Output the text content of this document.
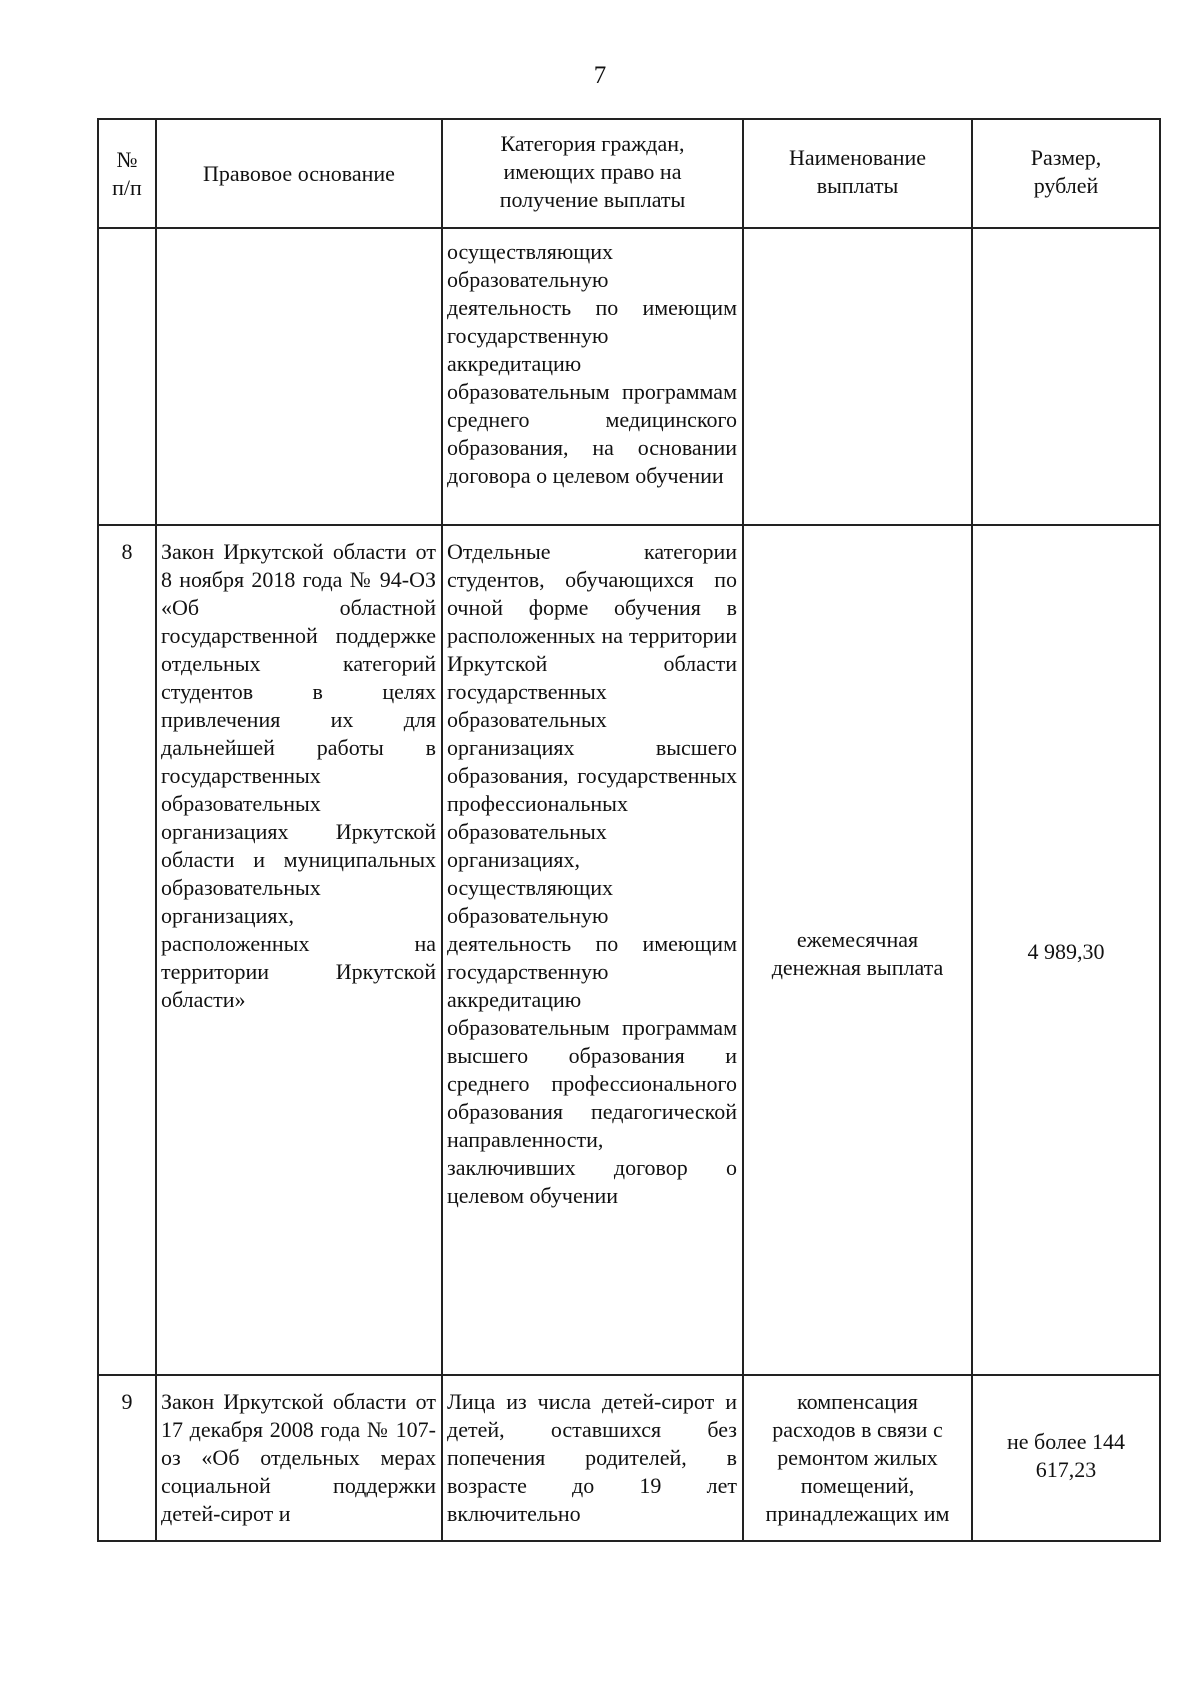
7
№
п/п
Правовое основание
Категория граждан,
имеющих право на
получение выплаты
Наименование
выплаты
Размер,
рублей
осуществляющих образовательную деятельность по имеющим государственную аккредитацию образовательным программам среднего медицинского образования, на основании договора о целевом обучении
8	Закон Иркутской области от 8 ноября 2018 года № 94-ОЗ «Об областной государственной поддержке отдельных категорий студентов в целях привлечения их для дальнейшей работы в государственных образовательных организациях Иркутской области и муниципальных образовательных организациях, расположенных на территории Иркутской области»
Отдельные категории студентов, обучающихся по очной форме обучения в расположенных на территории Иркутской области государственных образовательных организациях высшего образования, государственных профессиональных образовательных организациях, осуществляющих образовательную деятельность по имеющим государственную аккредитацию образовательным программам высшего образования и среднего профессионального образования педагогической направленности, заключивших договор о целевом обучении
ежемесячная денежная выплата
4 989,30
9	Закон Иркутской области от 17 декабря 2008 года № 107-оз «Об отдельных мерах социальной поддержки детей-сирот и
Лица из числа детей-сирот и детей, оставшихся без попечения родителей, в возрасте до 19 лет включительно
компенсация расходов в связи с ремонтом жилых помещений, принадлежащих им
не более 144 617,23
